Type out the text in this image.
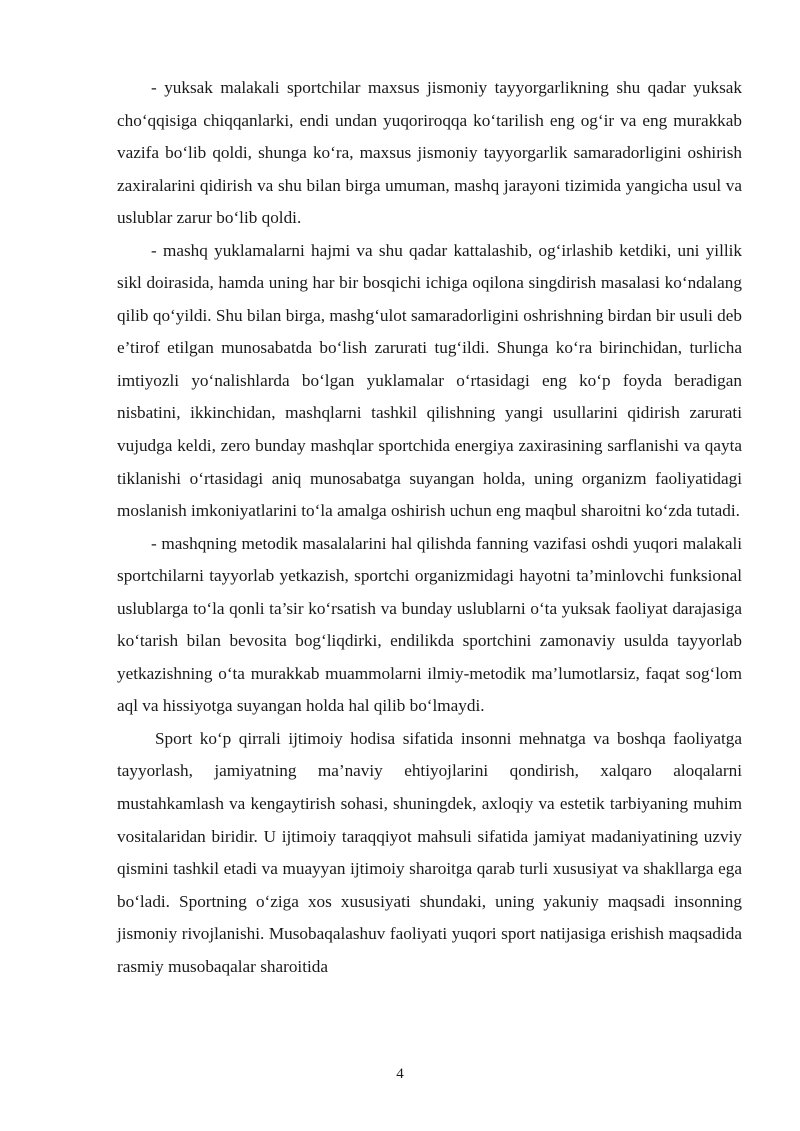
- yuksak malakali sportchilar maxsus jismoniy tayyorgarlikning shu qadar yuksak cho‘qqisiga chiqqanlarki, endi undan yuqoriroqqa ko‘tarilish eng og‘ir va eng murakkab vazifa bo‘lib qoldi, shunga ko‘ra, maxsus jismoniy tayyorgarlik samaradorligini oshirish zaxiralarini qidirish va shu bilan birga umuman, mashq jarayoni tizimida yangicha usul va uslublar zarur bo‘lib qoldi.

- mashq yuklamalarni hajmi va shu qadar kattalashib, og‘irlashib ketdiki, uni yillik sikl doirasida, hamda uning har bir bosqichi ichiga oqilona singdirish masalasi ko‘ndalang qilib qo‘yildi. Shu bilan birga, mashg‘ulot samaradorligini oshrishning birdan bir usuli deb e’tirof etilgan munosabatda bo‘lish zarurati tug‘ildi. Shunga ko‘ra birinchidan, turlicha imtiyozli yo‘nalishlarda bo‘lgan yuklamalar o‘rtasidagi eng ko‘p foyda beradigan nisbatini, ikkinchidan, mashqlarni tashkil qilishning yangi usullarini qidirish zarurati vujudga keldi, zero bunday mashqlar sportchida energiya zaxirasining sarflanishi va qayta tiklanishi o‘rtasidagi aniq munosabatga suyangan holda, uning organizm faoliyatidagi moslanish imkoniyatlarini to‘la amalga oshirish uchun eng maqbul sharoitni ko‘zda tutadi.

- mashqning metodik masalalarini hal qilishda fanning vazifasi oshdi yuqori malakali sportchilarni tayyorlab yetkazish, sportchi organizmidagi hayotni ta’minlovchi funksional uslublarga to‘la qonli ta’sir ko‘rsatish va bunday uslublarni o‘ta yuksak faoliyat darajasiga ko‘tarish bilan bevosita bog‘liqdirki, endilikda sportchini zamonaviy usulda tayyorlab yetkazishning o‘ta murakkab muammolarni ilmiy-metodik ma’lumotlarsiz, faqat sog‘lom aql va hissiyotga suyangan holda hal qilib bo‘lmaydi.

Sport ko‘p qirrali ijtimoiy hodisa sifatida insonni mehnatga va boshqa faoliyatga tayyorlash, jamiyatning ma’naviy ehtiyojlarini qondirish, xalqaro aloqalarni mustahkamlash va kengaytirish sohasi, shuningdek, axloqiy va estetik tarbiyaning muhim vositalaridan biridir. U ijtimoiy taraqqiyot mahsuli sifatida jamiyat madaniyatining uzviy qismini tashkil etadi va muayyan ijtimoiy sharoitga qarab turli xususiyat va shakllarga ega bo‘ladi. Sportning o‘ziga xos xususiyati shundaki, uning yakuniy maqsadi insonning jismoniy rivojlanishi. Musobaqalashuv faoliyati yuqori sport natijasiga erishish maqsadida rasmiy musobaqalar sharoitida

4
